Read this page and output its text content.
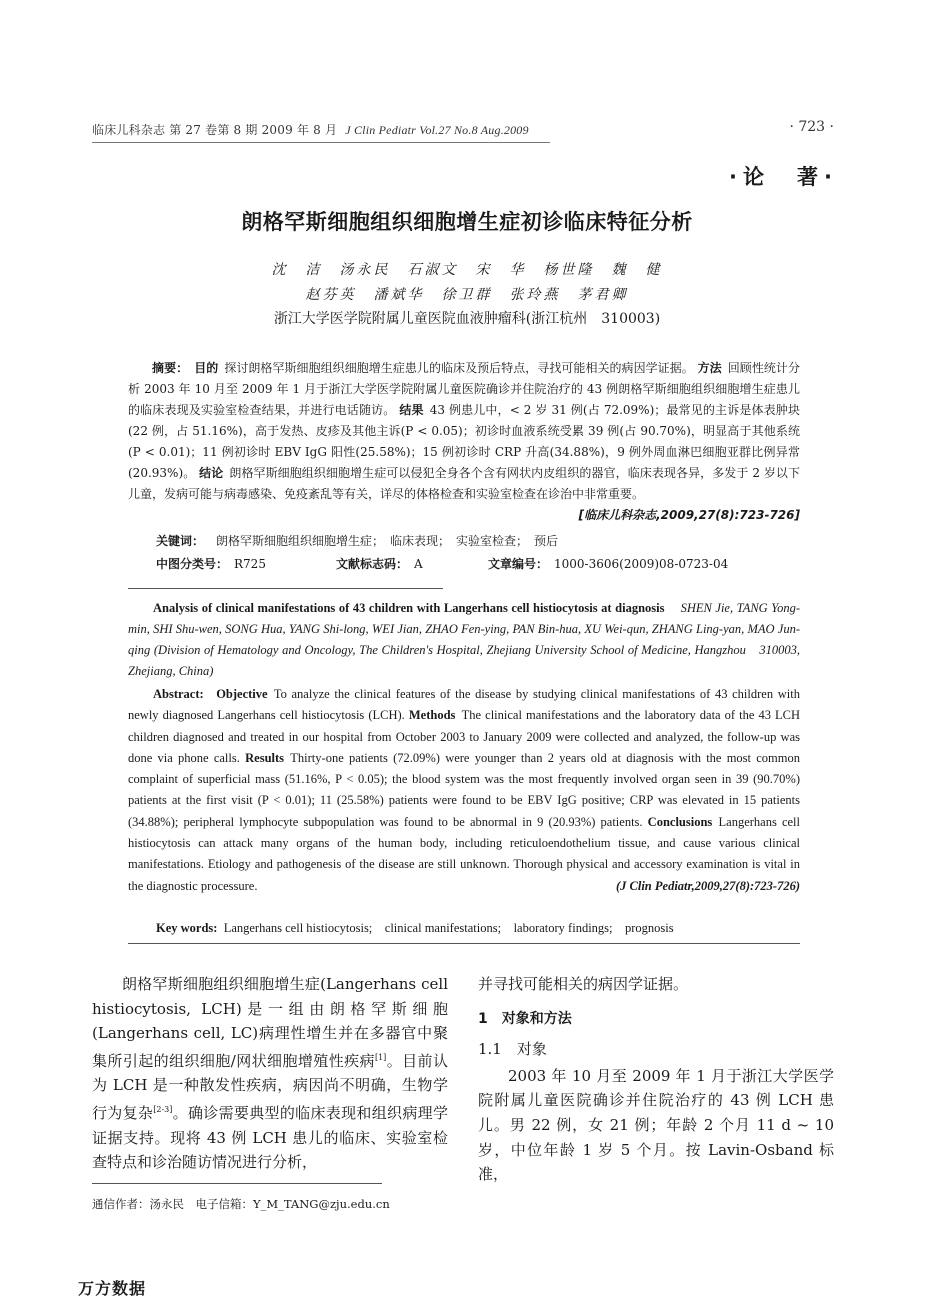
临床儿科杂志 第 27 卷第 8 期 2009 年 8 月 J Clin Pediatr Vol.27 No.8 Aug.2009	· 723 ·
·论　著·
朗格罕斯细胞组织细胞增生症初诊临床特征分析
沈　洁　汤永民　石淑文　宋　华　杨世隆　魏　健
赵芬英　潘斌华　徐卫群　张玲燕　茅君卿
浙江大学医学院附属儿童医院血液肿瘤科(浙江杭州　310003)
  摘要：  目的  探讨朗格罕斯细胞组织细胞增生症患儿的临床及预后特点，寻找可能相关的病因学证据。 方法  回顾性统计分析 2003 年 10 月至 2009 年 1 月于浙江大学医学院附属儿童医院确诊并住院治疗的 43 例朗格罕斯细胞组织细胞增生症患儿的临床表现及实验室检查结果，并进行电话随访。 结果  43 例患儿中，< 2 岁 31 例(占 72.09%)；最常见的主诉是体表肿块(22 例，占 51.16%)，高于发热、皮疹及其他主诉(P < 0.05)；初诊时血液系统受累 39 例(占 90.70%)，明显高于其他系统(P < 0.01)；11 例初诊时 EBV IgG 阳性(25.58%)；15 例初诊时 CRP 升高(34.88%)，9 例外周血淋巴细胞亚群比例异常(20.93%)。 结论  朗格罕斯细胞组织细胞增生症可以侵犯全身各个含有网状内皮组织的器官，临床表现各异，多发于 2 岁以下儿童，发病可能与病毒感染、免疫紊乱等有关，详尽的体格检查和实验室检查在诊治中非常重要。
[临床儿科杂志,2009,27(8):723-726]
关键词：  朗格罕斯细胞组织细胞增生症；　临床表现；　实验室检查；　预后
中图分类号：  R725	文献标志码：  A	文章编号：  1000-3606(2009)08-0723-04
  Analysis of clinical manifestations of 43 children with Langerhans cell histiocytosis at diagnosis  SHEN Jie, TANG Yong-min, SHI Shu-wen, SONG Hua, YANG Shi-long, WEI Jian, ZHAO Fen-ying, PAN Bin-hua, XU Wei-qun, ZHANG Ling-yan, MAO Jun-qing (Division of Hematology and Oncology, The Children's Hospital, Zhejiang University School of Medicine, Hangzhou　310003, Zhejiang, China)
  Abstract:  Objective  To analyze the clinical features of the disease by studying clinical manifestations of 43 children with newly diagnosed Langerhans cell histiocytosis (LCH). Methods  The clinical manifestations and the laboratory data of the 43 LCH children diagnosed and treated in our hospital from October 2003 to January 2009 were collected and analyzed, the follow-up was done via phone calls. Results  Thirty-one patients (72.09%) were younger than 2 years old at diagnosis with the most common complaint of superficial mass (51.16%, P < 0.05); the blood system was the most frequently involved organ seen in 39 (90.70%) patients at the first visit (P < 0.01); 11 (25.58%) patients were found to be EBV IgG positive; CRP was elevated in 15 patients (34.88%); peripheral lymphocyte subpopulation was found to be abnormal in 9 (20.93%) patients. Conclusions  Langerhans cell histiocytosis can attack many organs of the human body, including reticuloendothelium tissue, and cause various clinical manifestations. Etiology and pathogenesis of the disease are still unknown. Thorough physical and accessory examination is vital in the diagnostic processure.	(J Clin Pediatr,2009,27(8):723-726)
Key words:  Langerhans cell histiocytosis;　clinical manifestations;　laboratory findings;　prognosis

朗格罕斯细胞组织细胞增生症(Langerhans cell histiocytosis, LCH)是一组由朗格罕斯细胞(Langerhans cell, LC)病理性增生并在多器官中聚集所引起的组织细胞/网状细胞增殖性疾病[1]。目前认为 LCH 是一种散发性疾病，病因尚不明确，生物学行为复杂[2-3]。确诊需要典型的临床表现和组织病理学证据支持。现将 43 例 LCH 患儿的临床、实验室检查特点和诊治随访情况进行分析，

并寻找可能相关的病因学证据。

1　对象和方法
1.1　对象

2003 年 10 月至 2009 年 1 月于浙江大学医学院附属儿童医院确诊并住院治疗的 43 例 LCH 患儿。男 22 例，女 21 例；年龄 2 个月 11 d ~ 10 岁，中位年龄 1 岁 5 个月。按 Lavin-Osband 标准，

通信作者：汤永民　电子信箱：Y_M_TANG@zju.edu.cn
万方数据
